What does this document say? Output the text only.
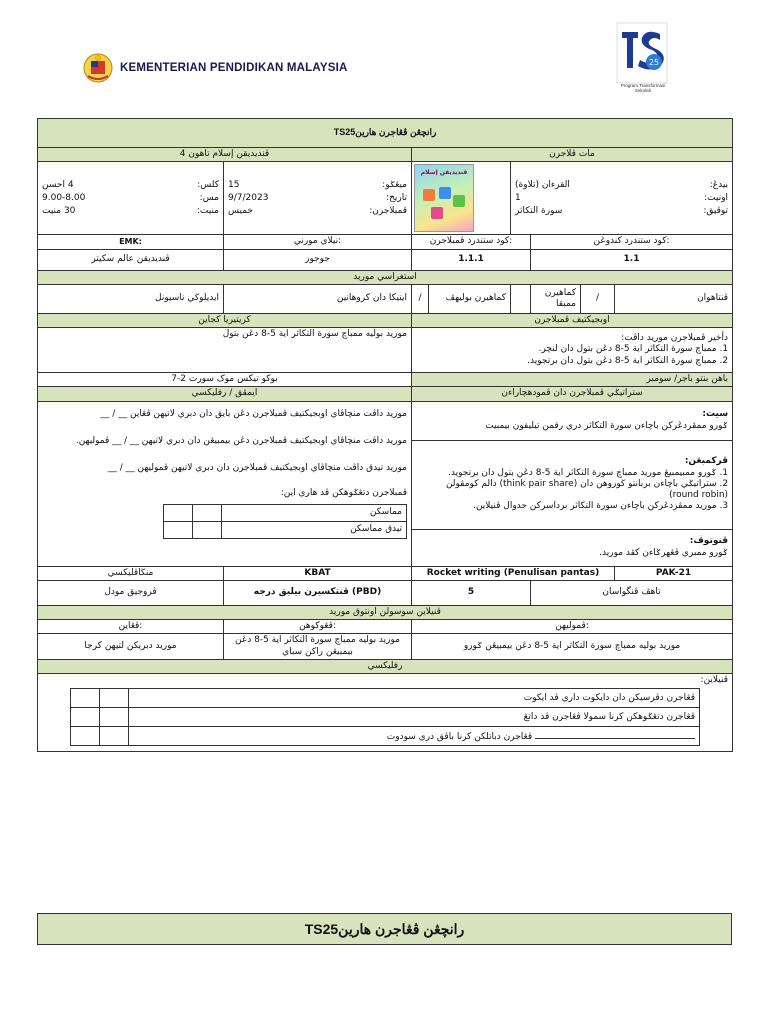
KEMENTERIAN PENDIDIKAN MALAYSIA	25
Program Transformasi Sekolah
TS25رانچڠن ڤڠاجرن هارين
ڤنديديقن إسلام تاهون 4	مات ڤلاجرن

کلس:
4 احسن
مس:
9.00-8.00
منيت:
30 منيت

ميڠݢو:
15
تاريخ:
9/7/2023
ڤمبلاجرن:
خميس

ڤنديديقن إسلام

بيدڠ:
القرءان (تلاوة)
اونيت:
1
توڤيق:
سورة التكاثر

EMK:	نيلاي مورني:	كود ستندرد ڤمبلاجرن:	كود ستندرد كندوڠن:
ڤنديديقن عالم سكيتر	جوجور	1.1.1	1.1
استغراسي مورید
ايديلوڬي ناسيونل	ايتيكا دان كروهانين	/	كماهيرن بوليهڤ		كماهيرن ممبقا	/	ڤنتاهوان
كريتيريا كجاين	اوبجيكتيف ڤمبلاجرن
مورید بوليه ممباچ سورة التكاثر اية 5-8 دڠن بتول	دأخير ڤمبلاجرن مورید داڤت:
1. ممباچ سورة التكاثر اية 5-8 دڠن بتول دان لنچر.
2. ممباچ سورة التكاثر اية 5-8 دڠن بتول دان برتجويد.

بوكو تيكس موک سورت 2-7	باهن بنتو باجر/ سومبر
ايمڤق / رفليكسي	ستراتيݢي ڤمبلاجرن دان ڤمودهچاراءن

مورید داڤت منچاڤاي اوبجيكتيف ڤمبلاجرن دڠن بايق دان دبري لاتيهن ڤڠاين __ / __
مورید داڤت منچاڤاي اوبجيكتيف ڤمبلاجرن دڠن بيمبيڠن دان دبري لاتيهن __ / __ ڤموليهن.
مورید تيدق داڤت منچاڤاي اوبجيكتيف ڤمبلاجرن دان دبري لاتيهن ڤموليهن __ / __
ڤمبلاجرن دتڠݢوهكن ڤد هاري اين:
مماسكن		
تيدق مماسكن		

سيت:
ݢورو ممڤردڠركن باچاءن سورة التكاثر دري رقمن تيليفون بيمبيت

ڤركمبڠن:
1. ݢورو ممبيمبيڠ مورید ممباچ سورة التكاثر اية 5-8 دڠن بتول دان برتجويد.
2. ستراتيݢي باچاءن بربانتو ڬوروهن دان (think pair share) دالم كومڤولن (round robin)
3. مورید ممڤردڠركن باچاءن سورة التكاثر برداسركن جدوال ڤنيلاين.

ڤنوتوڤ:
ݢورو ممبري ڤڠهرݢاءن كڤد مورید.

منڬاڤليكسي	KBAT	Rocket writing (Penulisan pantas)	PAK-21
ڤروجيق مودل	ڤنتكسيرن بيليق درجه (PBD)	5	تاهڤ ڤنگواسان
ڤنيلاين سوسولن اونتوق مورید
ڤڠاين:	ڤڠوكوهن:	ڤموليهن:
مورید دبريكن لتيهن كرجا	مورید بوليه ممباچ سورة التكاثر اية 5-8 دڠن بيمبيڠن راكن سباي	مورید بوليه ممباچ سورة التكاثر اية 5-8 دڠن بيمبيڠن ݢورو
رفليكسي

ڤنيلاين:
		ڤڠاجرن دڤرسيكن دان دايكوت داري ڤد ايكوت
		ڤڠاجرن دتڠݢوهكن كرنا سمولا ڤڠاجرن ڤد داتڠ
		ڤڠاجرن دباتلكن كرنا باڤق دري سودوت
TS25رانچڠن ڤڠاجرن هارين
